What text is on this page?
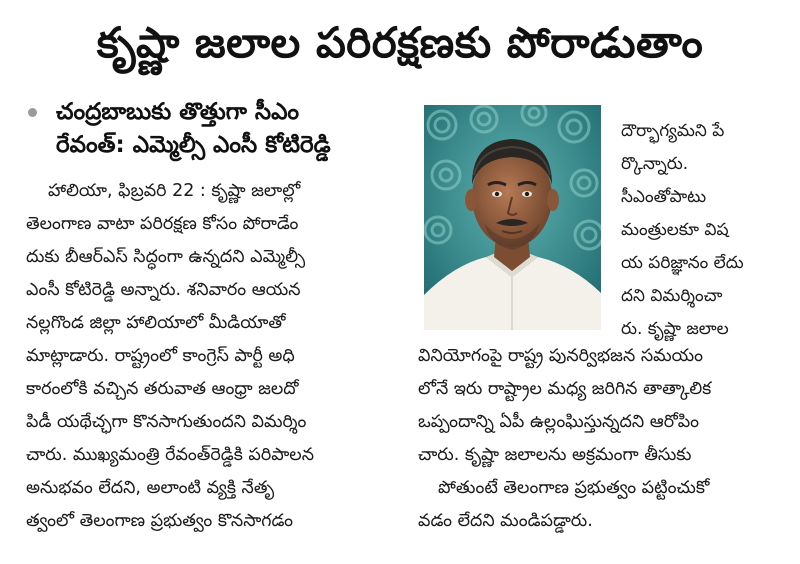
కృష్ణా జలాల పరిరక్షణకు పోరాడుతాం
చంద్రబాబుకు తొత్తుగా సీఎం
రేవంత్: ఎమ్మెల్సీ ఎంసీ కోటిరెడ్డి
హాలియా, ఫిబ్రవరి 22 : కృష్ణా జలాల్లో
తెలంగాణ వాటా పరిరక్షణ కోసం పోరాడేం
దుకు బీఆర్ఎస్ సిద్ధంగా ఉన్నదని ఎమ్మెల్సీ
ఎంసీ కోటిరెడ్డి అన్నారు. శనివారం ఆయన
నల్లగొండ జిల్లా హాలియాలో మీడియాతో
మాట్లాడారు. రాష్ట్రంలో కాంగ్రెస్ పార్టీ అధి
కారంలోకి వచ్చిన తరువాత ఆంధ్రా జలదో
పిడీ యథేచ్ఛగా కొనసాగుతుందని విమర్శిం
చారు. ముఖ్యమంత్రి రేవంత్‌రెడ్డికి పరిపాలన
అనుభవం లేదని, అలాంటి వ్యక్తి నేతృ
త్వంలో తెలంగాణ ప్రభుత్వం కొనసాగడం
దౌర్భాగ్యమని పే
ర్కొన్నారు.
సీఎంతోపాటు
మంత్రులకూ విష
య పరిజ్ఞానం లేదు
దని విమర్శించా
రు. కృష్ణా జలాల
వినియోగంపై రాష్ట్ర పునర్విభజన సమయం
లోనే ఇరు రాష్ట్రాల మధ్య జరిగిన తాత్కాలిక
ఒప్పందాన్ని ఏపీ ఉల్లంఘిస్తున్నదని ఆరోపిం
చారు. కృష్ణా జలాలను అక్రమంగా తీసుకు
పోతుంటే తెలంగాణ ప్రభుత్వం పట్టించుకో
వడం లేదని మండిపడ్డారు.
